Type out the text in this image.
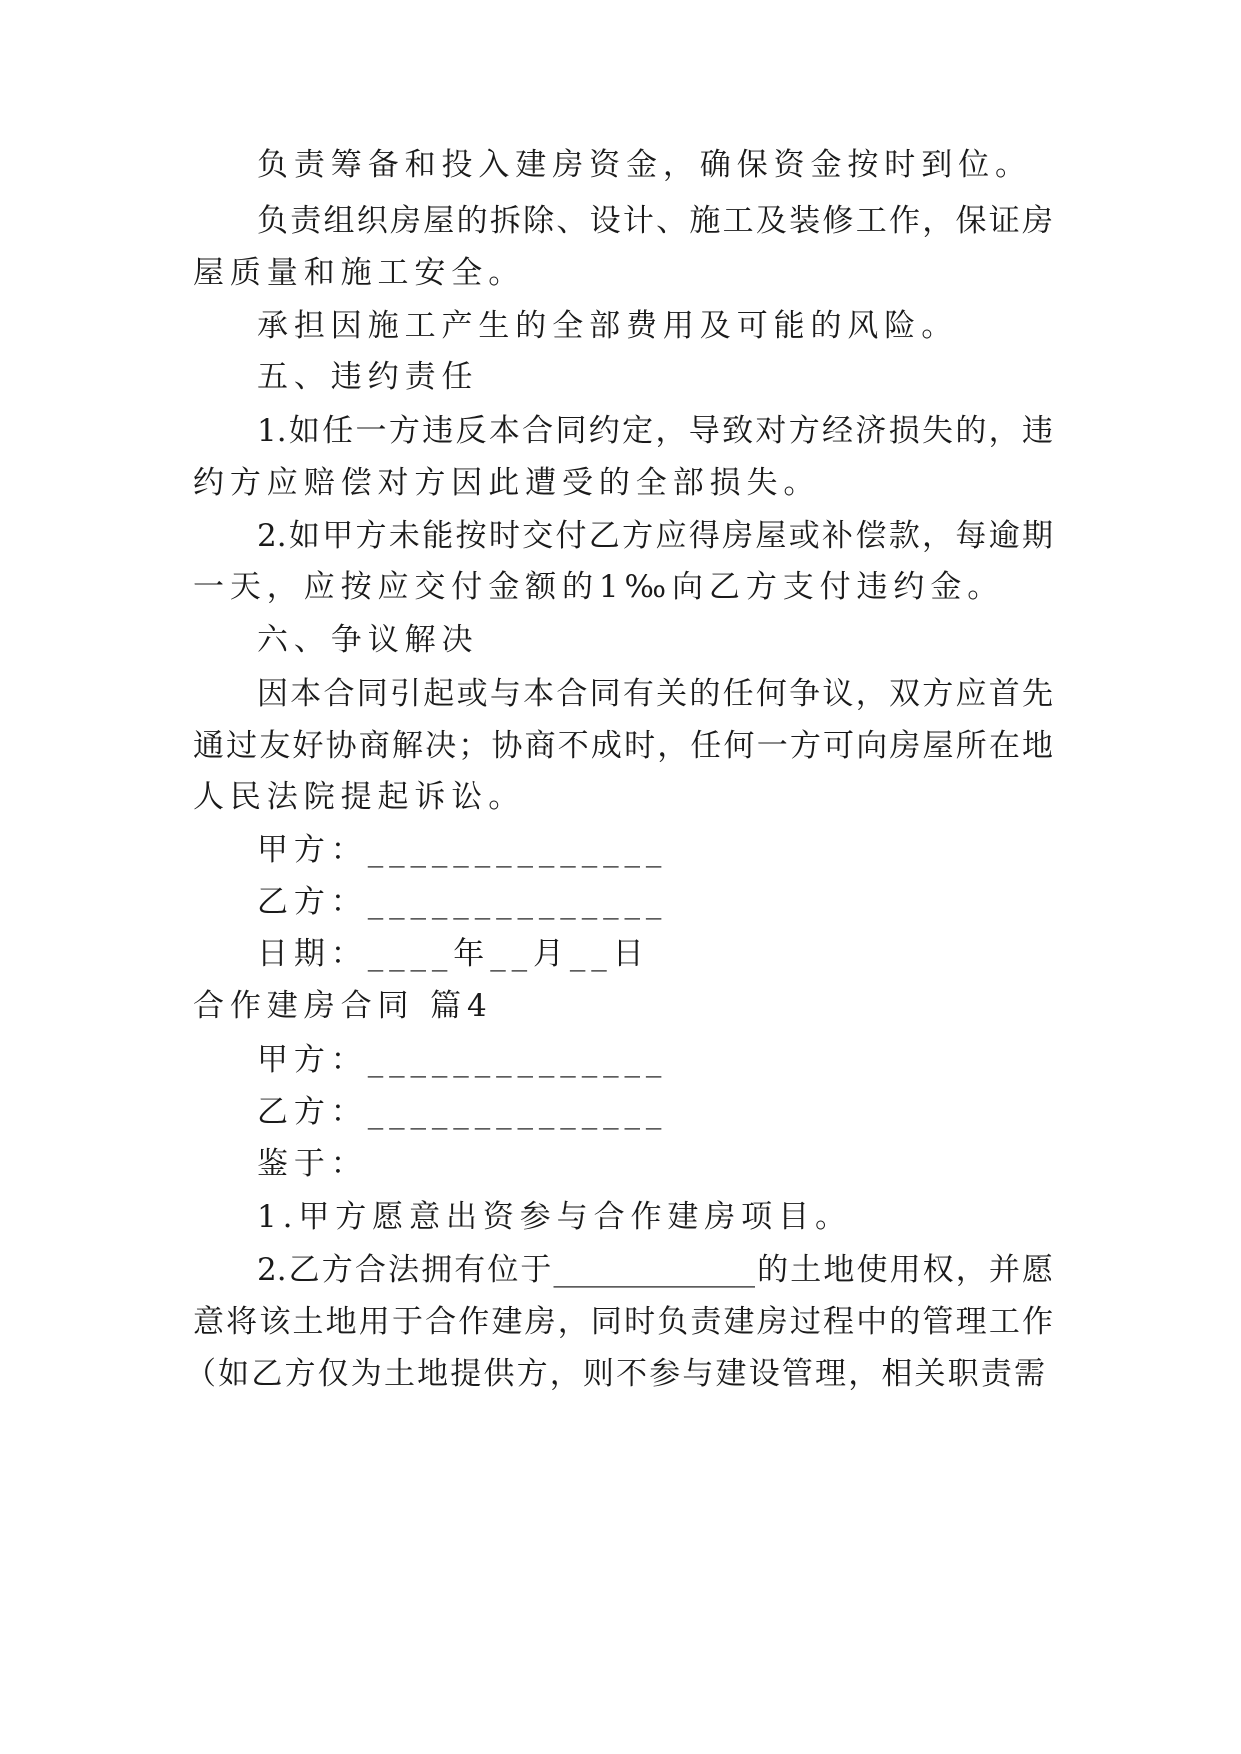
负责筹备和投入建房资金，确保资金按时到位。
负责组织房屋的拆除、设计、施工及装修工作，保证房
屋质量和施工安全。
承担因施工产生的全部费用及可能的风险。
五、违约责任
1.如任一方违反本合同约定，导致对方经济损失的，违
约方应赔偿对方因此遭受的全部损失。
2.如甲方未能按时交付乙方应得房屋或补偿款，每逾期
一天，应按应交付金额的1‰向乙方支付违约金。
六、争议解决
因本合同引起或与本合同有关的任何争议，双方应首先
通过友好协商解决；协商不成时，任何一方可向房屋所在地
人民法院提起诉讼。
甲方：______________
乙方：______________
日期：____年__月__日
合作建房合同 篇4
甲方：______________
乙方：______________
鉴于：
1.甲方愿意出资参与合作建房项目。
2.乙方合法拥有位于_____________的土地使用权，并愿
意将该土地用于合作建房，同时负责建房过程中的管理工作
（如乙方仅为土地提供方，则不参与建设管理，相关职责需
